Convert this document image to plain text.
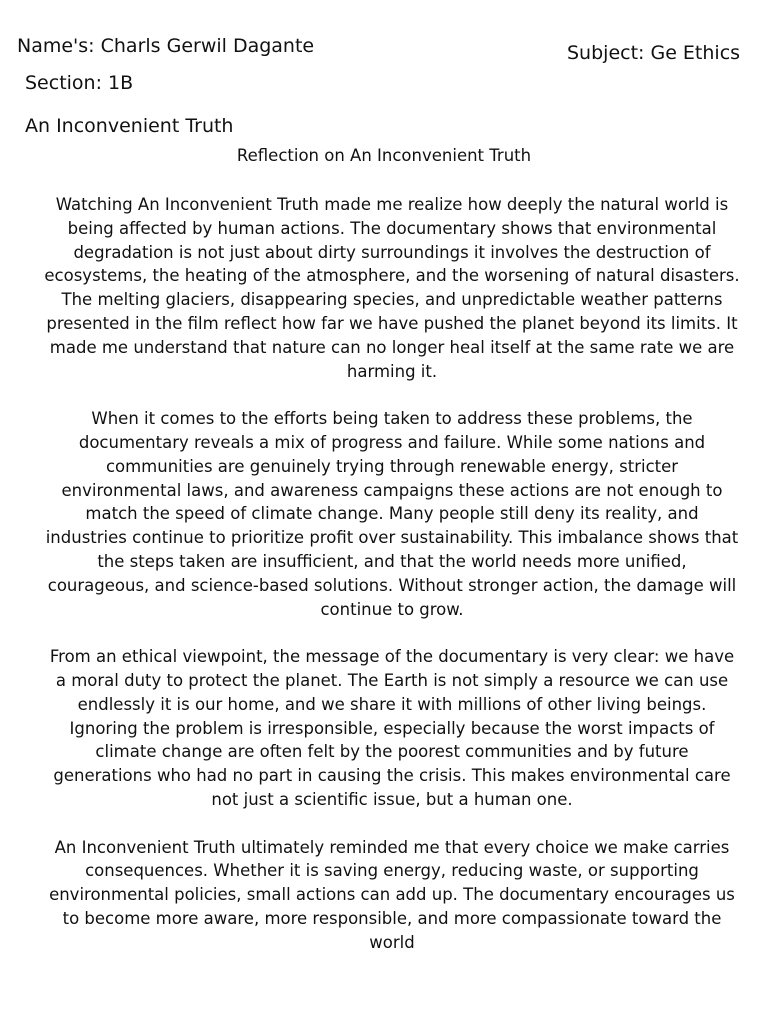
Name's: Charls Gerwil Dagante	Subject: Ge Ethics
Section: 1B
An Inconvenient Truth
Reflection on An Inconvenient Truth

Watching An Inconvenient Truth made me realize how deeply the natural world is being affected by human actions. The documentary shows that environmental degradation is not just about dirty surroundings it involves the destruction of ecosystems, the heating of the atmosphere, and the worsening of natural disasters. The melting glaciers, disappearing species, and unpredictable weather patterns presented in the film reflect how far we have pushed the planet beyond its limits. It made me understand that nature can no longer heal itself at the same rate we are harming it.

When it comes to the efforts being taken to address these problems, the documentary reveals a mix of progress and failure. While some nations and communities are genuinely trying through renewable energy, stricter environmental laws, and awareness campaigns these actions are not enough to match the speed of climate change. Many people still deny its reality, and industries continue to prioritize profit over sustainability. This imbalance shows that the steps taken are insufficient, and that the world needs more unified, courageous, and science-based solutions. Without stronger action, the damage will continue to grow.

From an ethical viewpoint, the message of the documentary is very clear: we have a moral duty to protect the planet. The Earth is not simply a resource we can use endlessly it is our home, and we share it with millions of other living beings. Ignoring the problem is irresponsible, especially because the worst impacts of climate change are often felt by the poorest communities and by future generations who had no part in causing the crisis. This makes environmental care not just a scientific issue, but a human one.

An Inconvenient Truth ultimately reminded me that every choice we make carries consequences. Whether it is saving energy, reducing waste, or supporting environmental policies, small actions can add up. The documentary encourages us to become more aware, more responsible, and more compassionate toward the world
